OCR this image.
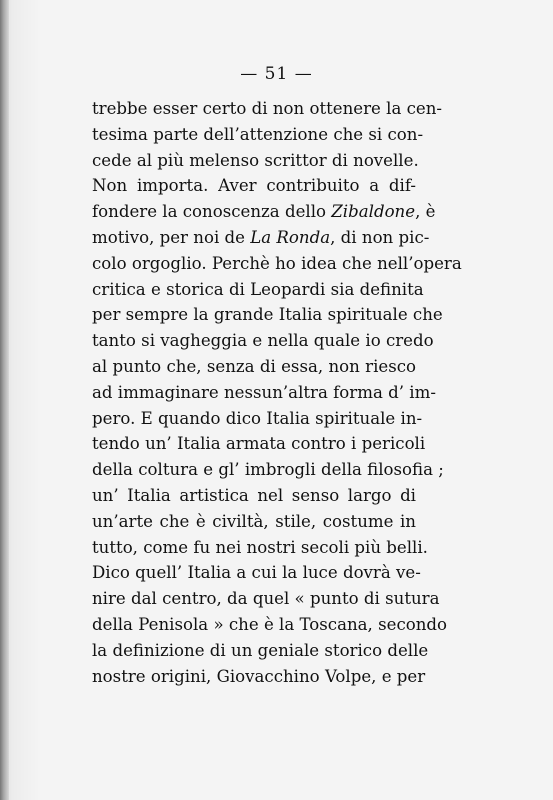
— 51 —
trebbe esser certo di non ottenere la cen-
tesima parte dell’attenzione che si con-
cede al più melenso scrittor di novelle.
Non importa. Aver contribuito a dif-
fondere la conoscenza dello Zibaldone, è
motivo, per noi de La Ronda, di non pic-
colo orgoglio. Perchè ho idea che nell’opera
critica e storica di Leopardi sia definita
per sempre la grande Italia spirituale che
tanto si vagheggia e nella quale io credo
al punto che, senza di essa, non riesco
ad immaginare nessun’altra forma d’ im-
pero. E quando dico Italia spirituale in-
tendo un’ Italia armata contro i pericoli
della coltura e gl’ imbrogli della filosofia ;
un’ Italia artistica nel senso largo di
un’arte che è civiltà, stile, costume in
tutto, come fu nei nostri secoli più belli.
Dico quell’ Italia a cui la luce dovrà ve-
nire dal centro, da quel « punto di sutura
della Penisola » che è la Toscana, secondo
la definizione di un geniale storico delle
nostre origini, Giovacchino Volpe, e per
